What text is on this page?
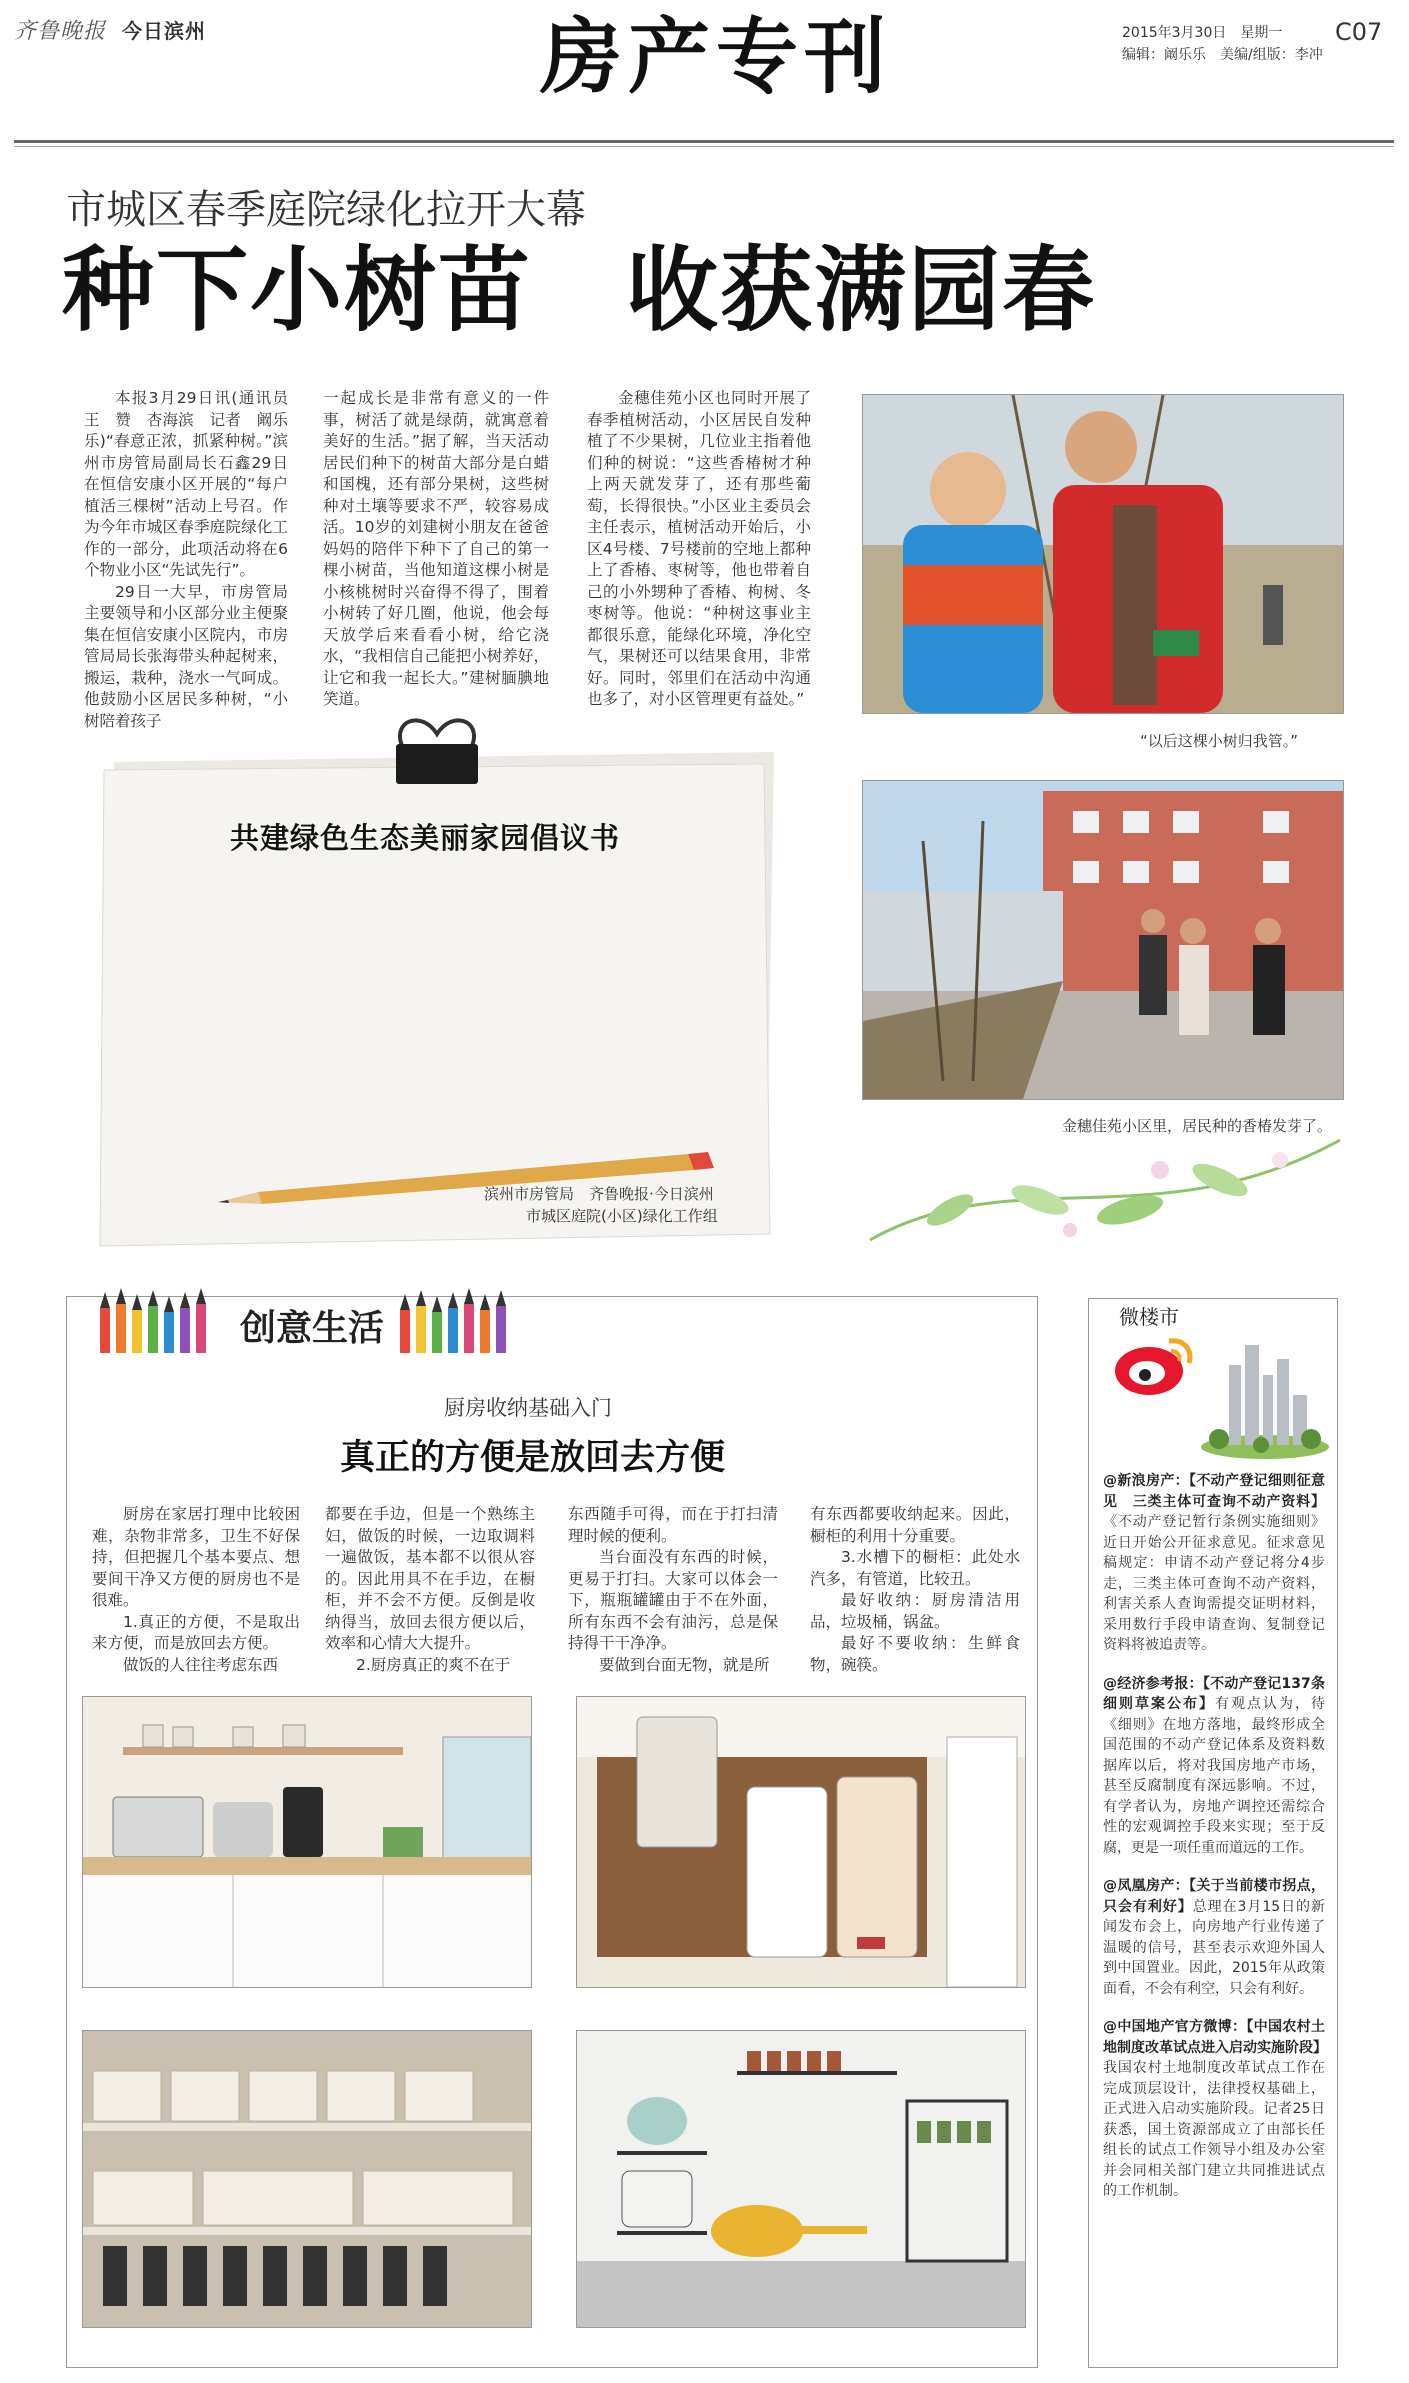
齐鲁晚报 今日滨州	房产专刊	2015年3月30日　星期一 C07
编辑：阚乐乐　美编/组版：李冲
市城区春季庭院绿化拉开大幕
种下小树苗　收获满园春

本报3月29日讯(通讯员　王　赞　杏海滨　记者　阚乐乐)“春意正浓，抓紧种树。”滨州市房管局副局长石鑫29日在恒信安康小区开展的“每户植活三棵树”活动上号召。作为今年市城区春季庭院绿化工作的一部分，此项活动将在6个物业小区“先试先行”。

29日一大早，市房管局主要领导和小区部分业主便聚集在恒信安康小区院内，市房管局局长张海带头种起树来，搬运，栽种，浇水一气呵成。他鼓励小区居民多种树，“小树陪着孩子

一起成长是非常有意义的一件事，树活了就是绿荫，就寓意着美好的生活。”据了解，当天活动居民们种下的树苗大部分是白蜡和国槐，还有部分果树，这些树种对土壤等要求不严，较容易成活。10岁的刘建树小朋友在爸爸妈妈的陪伴下种下了自己的第一棵小树苗，当他知道这棵小树是小核桃树时兴奋得不得了，围着小树转了好几圈，他说，他会每天放学后来看看小树，给它浇水，“我相信自己能把小树养好，让它和我一起长大。”建树腼腆地笑道。

金穗佳苑小区也同时开展了春季植树活动，小区居民自发种植了不少果树，几位业主指着他们种的树说：“这些香椿树才种上两天就发芽了，还有那些葡萄，长得很快。”小区业主委员会主任表示，植树活动开始后，小区4号楼、7号楼前的空地上都种上了香椿、枣树等，他也带着自己的小外甥种了香椿、枸树、冬枣树等。他说：“种树这事业主都很乐意，能绿化环境，净化空气，果树还可以结果食用，非常好。同时，邻里们在活动中沟通也多了，对小区管理更有益处。”

“以后这棵小树归我管。”
共建绿色生态美丽家园倡议书
滨州市房管局　齐鲁晚报·今日滨州
市城区庭院(小区)绿化工作组
金穗佳苑小区里，居民种的香椿发芽了。
创意生活
厨房收纳基础入门
真正的方便是放回去方便

厨房在家居打理中比较困难，杂物非常多，卫生不好保持，但把握几个基本要点、想要间干净又方便的厨房也不是很难。

1.真正的方便，不是取出来方便，而是放回去方便。

做饭的人往往考虑东西

都要在手边，但是一个熟练主妇，做饭的时候，一边取调料一遍做饭，基本都不以很从容的。因此用具不在手边，在橱柜，并不会不方便。反倒是收纳得当，放回去很方便以后，效率和心情大大提升。

2.厨房真正的爽不在于

东西随手可得，而在于打扫清理时候的便利。

当台面没有东西的时候，更易于打扫。大家可以体会一下，瓶瓶罐罐由于不在外面，所有东西不会有油污，总是保持得干干净净。

要做到台面无物，就是所

有东西都要收纳起来。因此，橱柜的利用十分重要。

3.水槽下的橱柜：此处水汽多，有管道，比较丑。

最好收纳：厨房清洁用品，垃圾桶，锅盆。

最好不要收纳：生鲜食物，碗筷。

微楼市
@新浪房产：【不动产登记细则征意见　三类主体可查询不动产资料】《不动产登记暂行条例实施细则》近日开始公开征求意见。征求意见稿规定：申请不动产登记将分4步走，三类主体可查询不动产资料，利害关系人查询需提交证明材料，采用数行手段申请查询、复制登记资料将被追责等。
@经济参考报：【不动产登记137条细则草案公布】有观点认为，待《细则》在地方落地，最终形成全国范围的不动产登记体系及资料数据库以后，将对我国房地产市场，甚至反腐制度有深远影响。不过，有学者认为，房地产调控还需综合性的宏观调控手段来实现；至于反腐，更是一项任重而道远的工作。
@凤凰房产：【关于当前楼市拐点，只会有利好】总理在3月15日的新闻发布会上，向房地产行业传递了温暖的信号，甚至表示欢迎外国人到中国置业。因此，2015年从政策面看，不会有利空，只会有利好。
@中国地产官方微博：【中国农村土地制度改革试点进入启动实施阶段】我国农村土地制度改革试点工作在完成顶层设计，法律授权基础上，正式进入启动实施阶段。记者25日获悉，国土资源部成立了由部长任组长的试点工作领导小组及办公室并会同相关部门建立共同推进试点的工作机制。
